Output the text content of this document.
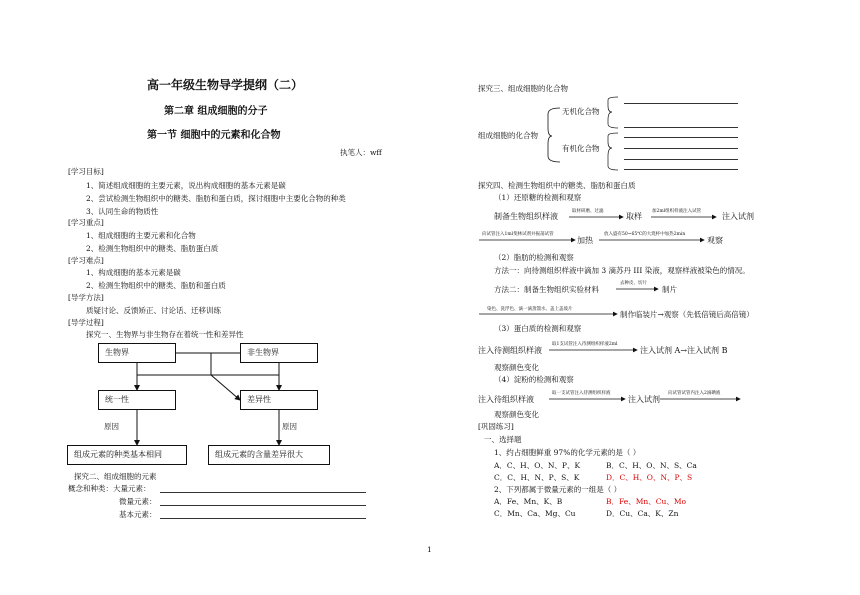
高一年级生物导学提纲（二）
第二章 组成细胞的分子
第一节 细胞中的元素和化合物
执笔人：wff
[学习目标]
1、简述组成细胞的主要元素，说出构成细胞的基本元素是碳
2、尝试检测生物组织中的糖类、脂肪和蛋白质，探讨细胞中主要化合物的种类
3、认同生命的物质性
[学习重点]
1、组成细胞的主要元素和化合物
2、检测生物组织中的糖类、脂肪蛋白质
[学习难点]
1、构成细胞的基本元素是碳
2、检测生物组织中的糖类、脂肪和蛋白质
[导学方法]
质疑讨论、反馈矫正、讨论话、迁移训练
[导学过程]
探究一、生物界与非生物存在着统一性和差异性
生物界	非生物界
统一性	差异性
组成元素的种类基本相同	组成元素的含量差异很大
原因	原因
探究二、组成细胞的元素
概念和种类：大量元素：
微量元素：
基本元素：
探究三、组成细胞的化合物
组成细胞的化合物
无机化合物
有机化合物
探究四、检测生物组织中的糖类、脂肪和蛋白质
（1）还原糖的检测和观察
制备生物组织样液
取材研磨、过滤
取样
加2ml组织样液注入试管
注入试剂
向试管注入1ml斐林试剂并振荡试管
加热
放入盛有50~65℃的大烧杯中加热2min
观察
（2）脂肪的检测和观察
方法一：向待测组织样液中滴加 3 滴苏丹 III 染液，观察样液被染色的情况。
方法二：制备生物组织实验材料
去种皮、切片
制片
染色、洗浮色、滴一滴蒸馏水、盖上盖玻片
制作临装片→观察（先低倍镜后高倍镜）
（3）蛋白质的检测和观察
注入待测组织样液
取1支试管注入待测组织样液2ml
注入试剂 A→注入试剂 B
观察颜色变化
（4）淀粉的检测和观察
注入待组织样液
取一支试管注入待测组织样液
注入试剂
向试管试管内注入2滴碘液
观察颜色变化
[巩固练习]
一、选择题
1、约占细胞鲜重 97%的化学元素的是（ ）
A．C、H、O、N、P、K	B．C、H、O、N、S、Ca
C．C、H、N、P、S、K	D．C、H、O、N、P、S
2、下列都属于微量元素的一组是（ ）
A．Fe、Mn、K、B	B．Fe、Mn、Cu、Mo
C．Mn、Ca、Mg、Cu	D．Cu、Ca、K、Zn
1
